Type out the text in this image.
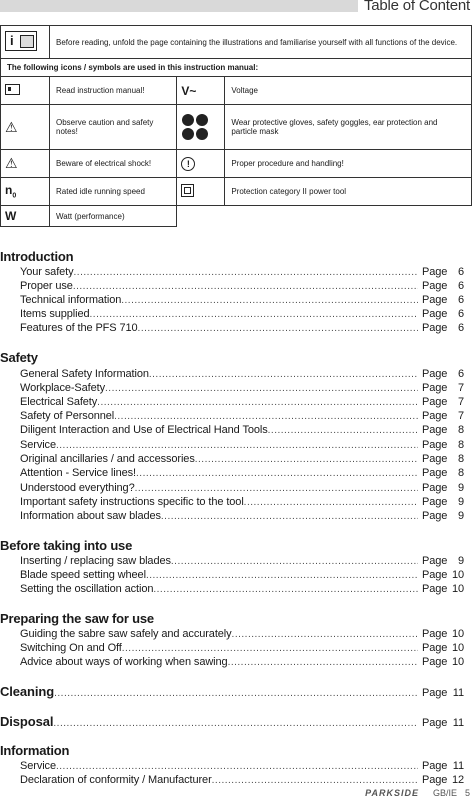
Table of Content
i	Before reading, unfold the page containing the illustrations and familiarise yourself with all functions of the device.		
The following icons / symbols are used in this instruction manual:			
	Read instruction manual!	V~	Voltage
⚠	Observe caution and safety notes!		Wear protective gloves, safety goggles, ear protection and particle mask
⚠	Beware of electrical shock!	!	Proper procedure and handling!
$n_0$	Rated idle running speed		Protection category II power tool
W	Watt (performance)		
Introduction
Your safety .....	Page 6
Proper use .....	Page 6
Technical information .....	Page 6
Items supplied .....	Page 6
Features of the PFS 710 .....	Page 6
Safety
General Safety Information .....	Page 6
Workplace-Safety .....	Page 7
Electrical Safety .....	Page 7
Safety of Personnel .....	Page 7
Diligent Interaction and Use of Electrical Hand Tools .....	Page 8
Service .....	Page 8
Original ancillaries / and accessories .....	Page 8
Attention - Service lines! .....	Page 8
Understood everything? .....	Page 9
Important safety instructions specific to the tool .....	Page 9
Information about saw blades .....	Page 9
Before taking into use
Inserting / replacing saw blades .....	Page 9
Blade speed setting wheel .....	Page 10
Setting the oscillation action .....	Page 10
Preparing the saw for use
Guiding the sabre saw safely and accurately .....	Page 10
Switching On and Off .....	Page 10
Advice about ways of working when sawing .....	Page 10
Cleaning .....	Page 11
Disposal .....	Page 11
Information
Service .....	Page 11
Declaration of conformity / Manufacturer .....	Page 12
PARKSIDE GB/IE 5
